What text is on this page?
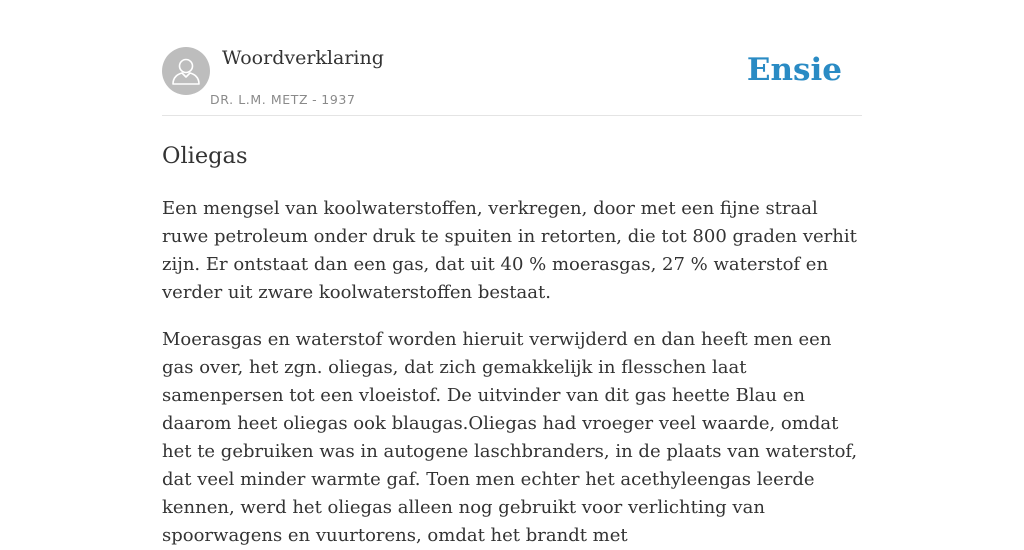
Woordverklaring
DR. L.M. METZ - 1937
Ensie
Oliegas

Een mengsel van koolwaterstoffen, verkregen, door met een fijne straal ruwe petroleum onder druk te spuiten in retorten, die tot 800 graden verhit zijn. Er ontstaat dan een gas, dat uit 40 % moerasgas, 27 % waterstof en verder uit zware koolwaterstoffen bestaat.

Moerasgas en waterstof worden hieruit verwijderd en dan heeft men een gas over, het zgn. oliegas, dat zich gemakkelijk in flesschen laat samenpersen tot een vloeistof. De uitvinder van dit gas heette Blau en daarom heet oliegas ook blaugas.Oliegas had vroeger veel waarde, omdat het te gebruiken was in autogene laschbranders, in de plaats van waterstof, dat veel minder warmte gaf. Toen men echter het acethyleengas leerde kennen, werd het oliegas alleen nog gebruikt voor verlichting van spoorwagens en vuurtorens, omdat het brandt met
